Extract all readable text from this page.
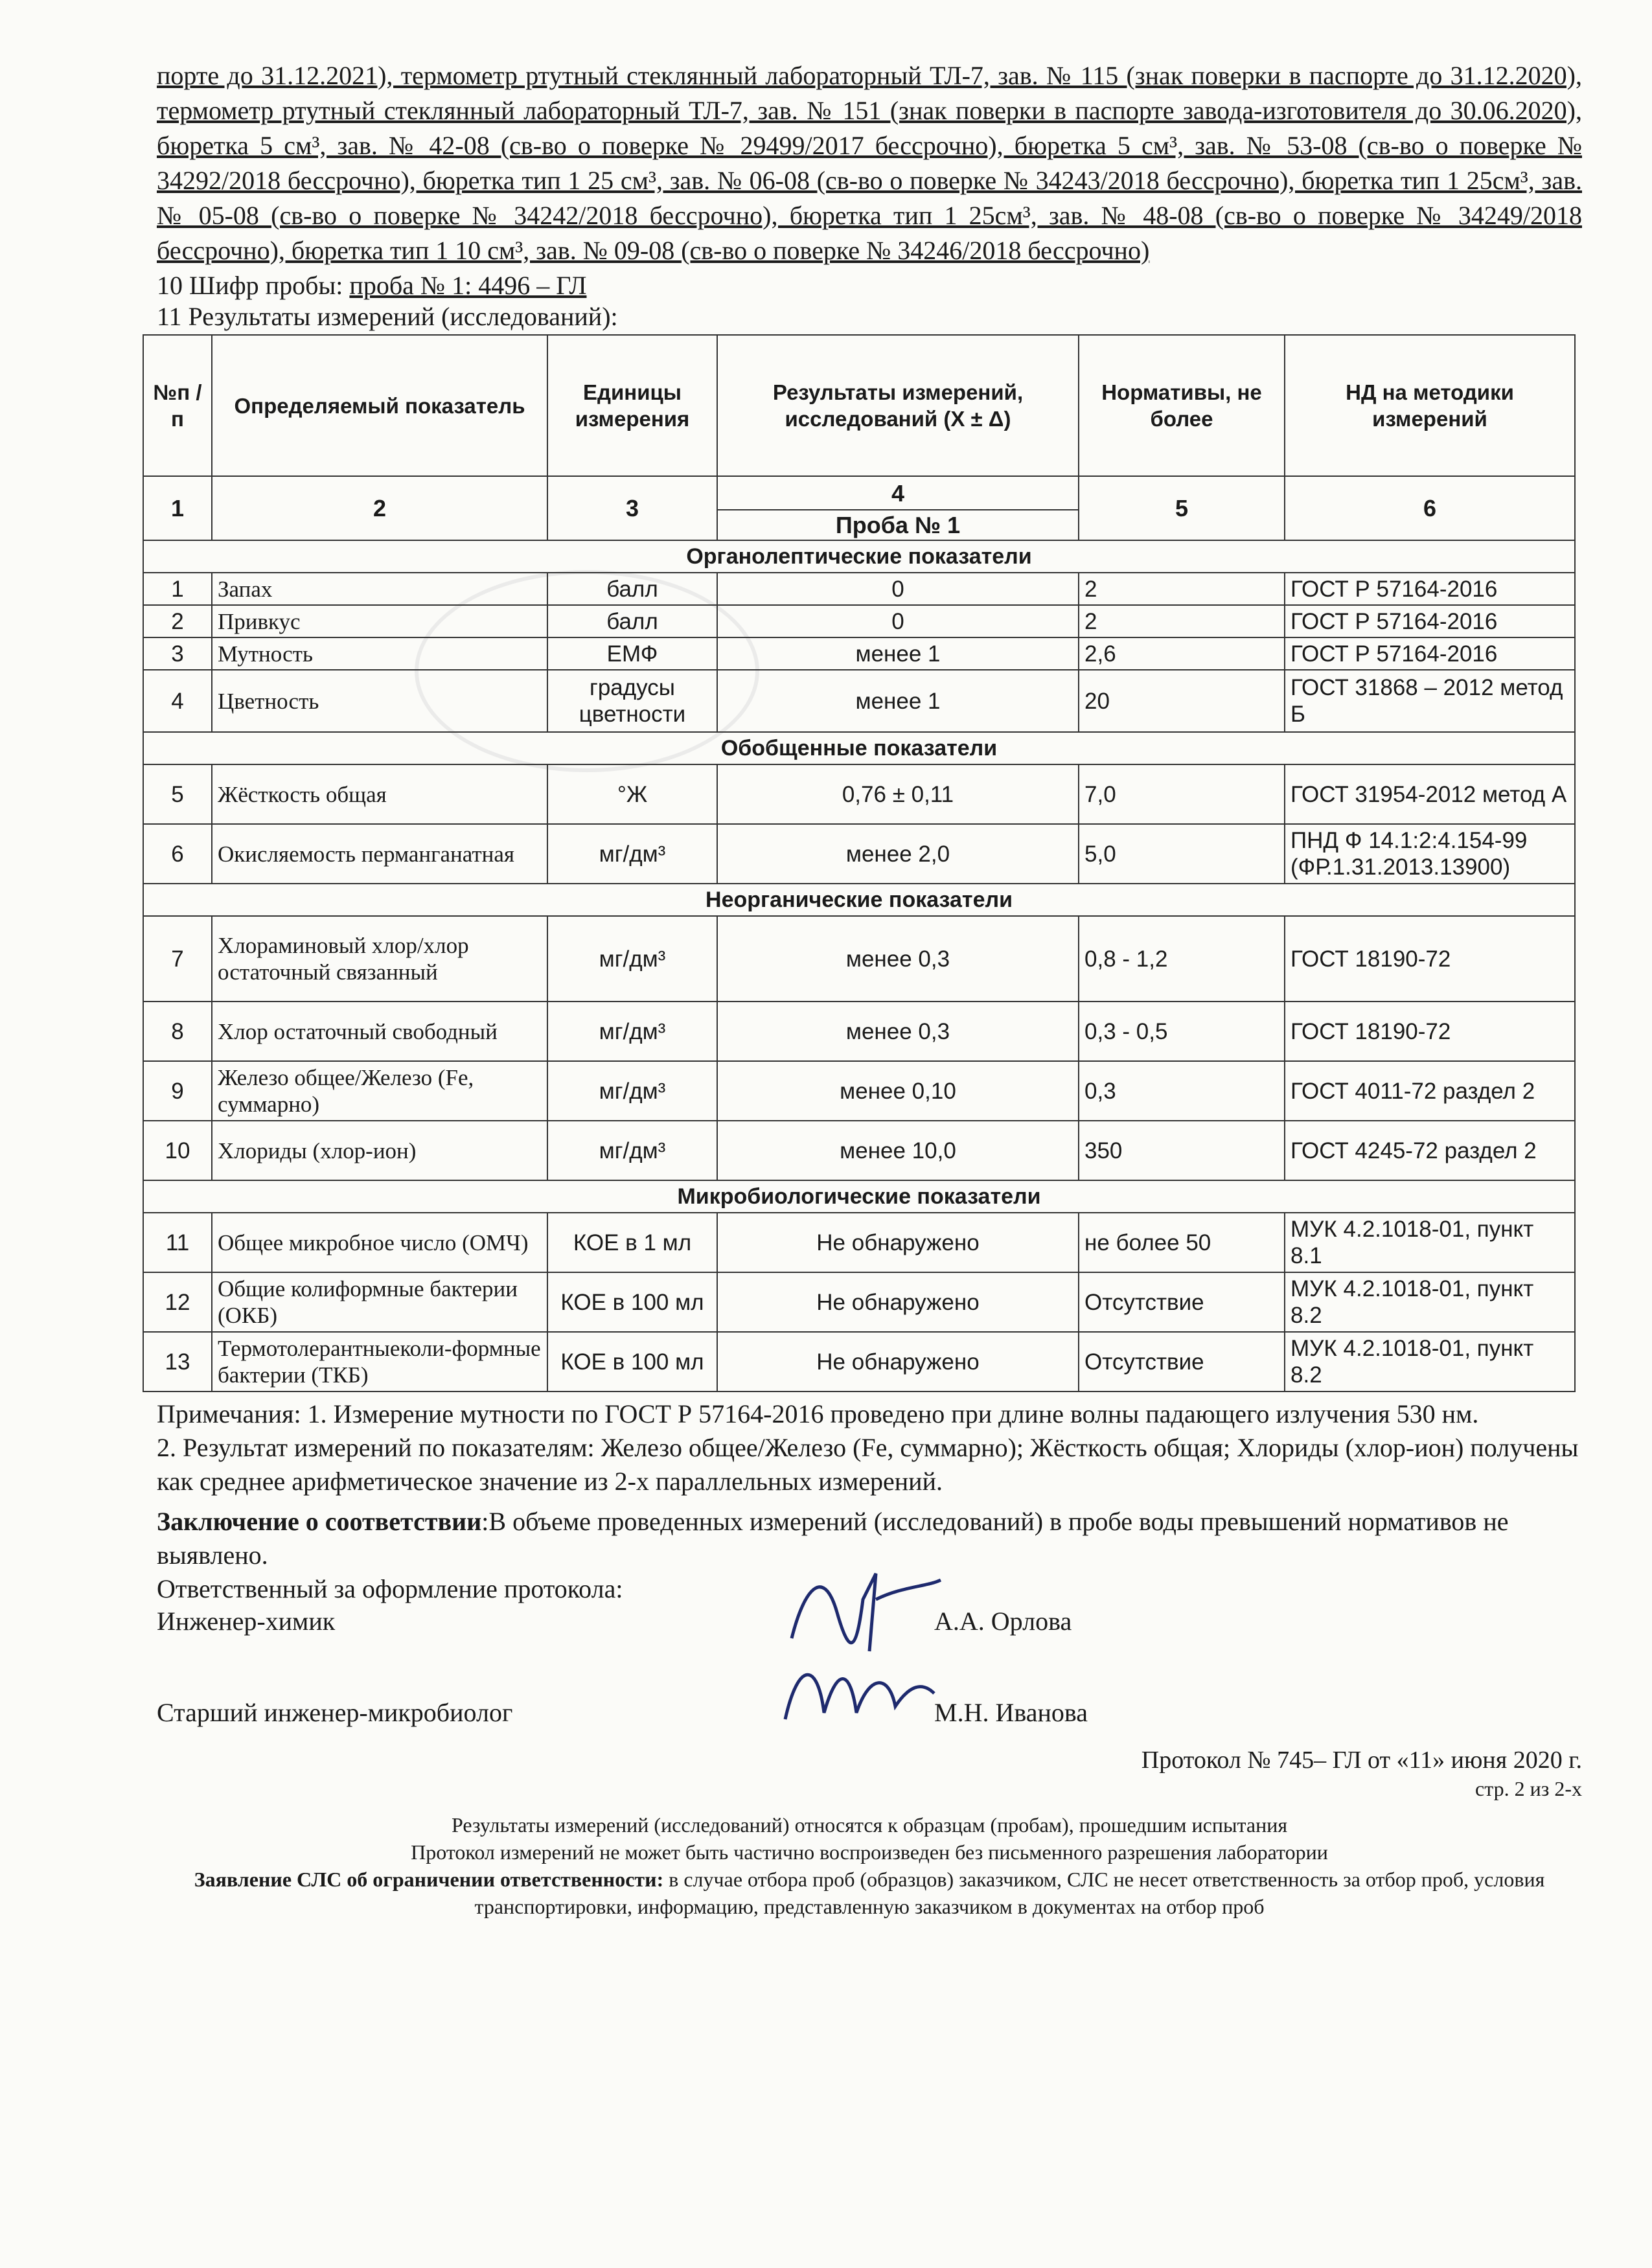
порте до 31.12.2021), термометр ртутный стеклянный лабораторный ТЛ-7, зав. № 115 (знак поверки в паспорте до 31.12.2020), термометр ртутный стеклянный лабораторный ТЛ-7, зав. № 151 (знак поверки в паспорте завода-изготовителя до 30.06.2020), бюретка 5 см³, зав. № 42-08 (св-во о поверке № 29499/2017 бессрочно), бюретка 5 см³, зав. № 53-08 (св-во о поверке № 34292/2018 бессрочно), бюретка тип 1 25 см³, зав. № 06-08 (св-во о поверке № 34243/2018 бессрочно), бюретка тип 1 25см³, зав. № 05-08 (св-во о поверке № 34242/2018 бессрочно), бюретка тип 1 25см³, зав. № 48-08 (св-во о поверке № 34249/2018 бессрочно), бюретка тип 1 10 см³, зав. № 09-08 (св-во о поверке № 34246/2018 бессрочно)
10 Шифр пробы: проба № 1: 4496 – ГЛ
11 Результаты измерений (исследований):
№п /п	Определяемый показатель	Единицы измерения	Результаты измерений, исследований (Х ± Δ)	Нормативы, не более	НД на методики измерений
1	2	3	4	5	6
			Проба № 1		
Органолептические показатели					
1	Запах	балл	0	2	ГОСТ Р 57164-2016
2	Привкус	балл	0	2	ГОСТ Р 57164-2016
3	Мутность	ЕМФ	менее 1	2,6	ГОСТ Р 57164-2016
4	Цветность	градусы цветности	менее 1	20	ГОСТ 31868 – 2012 метод Б
Обобщенные показатели					
5	Жёсткость общая	°Ж	0,76 ± 0,11	7,0	ГОСТ 31954-2012 метод А
6	Окисляемость перманганатная	мг/дм³	менее 2,0	5,0	ПНД Ф 14.1:2:4.154-99 (ФР.1.31.2013.13900)
Неорганические показатели					
7	Хлораминовый хлор/хлор остаточный связанный	мг/дм³	менее 0,3	0,8 - 1,2	ГОСТ 18190-72
8	Хлор остаточный свободный	мг/дм³	менее 0,3	0,3 - 0,5	ГОСТ 18190-72
9	Железо общее/Железо (Fe, суммарно)	мг/дм³	менее 0,10	0,3	ГОСТ 4011-72 раздел 2
10	Хлориды (хлор-ион)	мг/дм³	менее 10,0	350	ГОСТ 4245-72 раздел 2
Микробиологические показатели					
11	Общее микробное число (ОМЧ)	КОЕ в 1 мл	Не обнаружено	не более 50	МУК 4.2.1018-01, пункт 8.1
12	Общие колиформные бактерии (ОКБ)	КОЕ в 100 мл	Не обнаружено	Отсутствие	МУК 4.2.1018-01, пункт 8.2
13	Термотолерантныеколи-формные бактерии (ТКБ)	КОЕ в 100 мл	Не обнаружено	Отсутствие	МУК 4.2.1018-01, пункт 8.2
Примечания: 1. Измерение мутности по ГОСТ Р 57164-2016 проведено при длине волны падающего излучения 530 нм.
2. Результат измерений по показателям: Железо общее/Железо (Fe, суммарно); Жёсткость общая; Хлориды (хлор-ион) получены как среднее арифметическое значение из 2-х параллельных измерений.
Заключение о соответствии:В объеме проведенных измерений (исследований) в пробе воды превышений нормативов не выявлено.
Ответственный за оформление протокола:
Инженер-химик	А.А. Орлова
Старший инженер-микробиолог	М.Н. Иванова
Протокол № 745– ГЛ от «11» июня 2020 г.
стр. 2 из 2-х
Результаты измерений (исследований) относятся к образцам (пробам), прошедшим испытания
Протокол измерений не может быть частично воспроизведен без письменного разрешения лаборатории
Заявление СЛС об ограничении ответственности: в случае отбора проб (образцов) заказчиком, СЛС не несет ответственность за отбор проб, условия транспортировки, информацию, представленную заказчиком в документах на отбор проб
